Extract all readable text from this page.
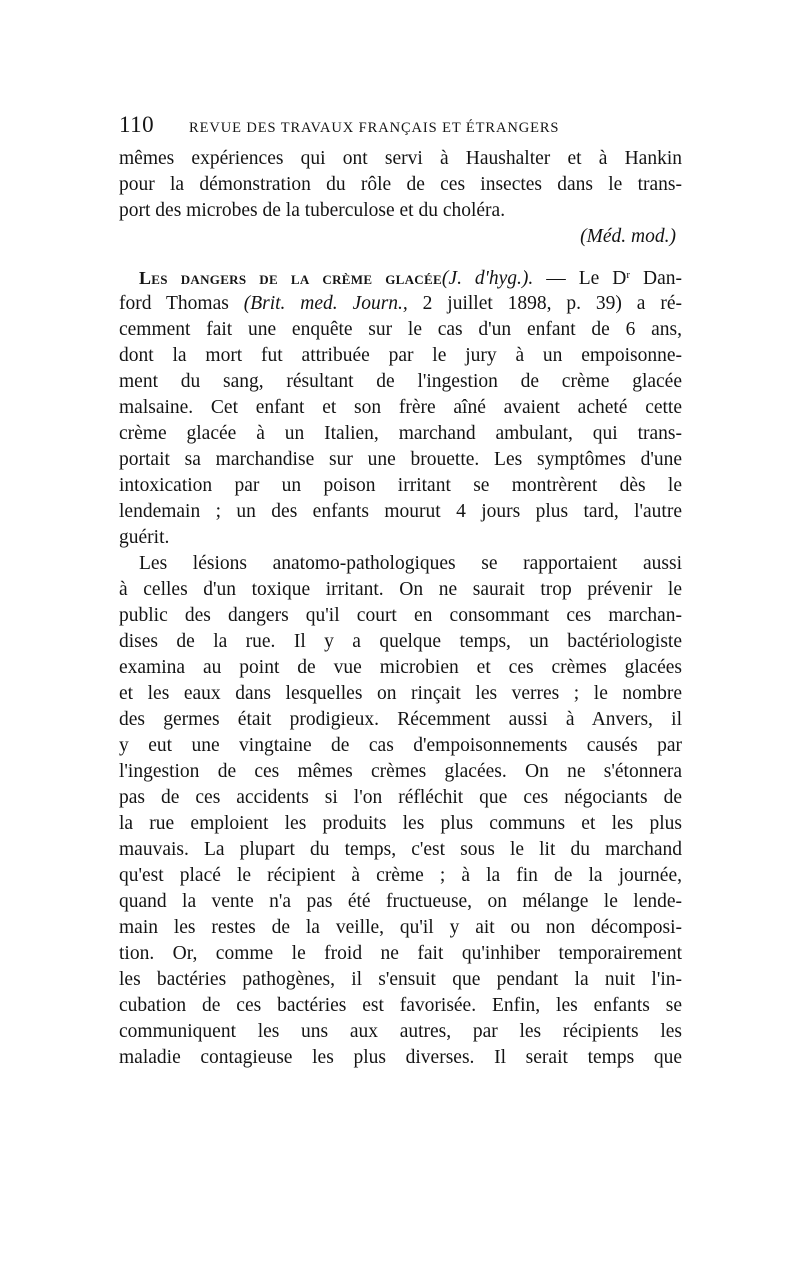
110 REVUE DES TRAVAUX FRANÇAIS ET ÉTRANGERS
mêmes expériences qui ont servi à Haushalter et à Hankin
pour la démonstration du rôle de ces insectes dans le trans-
port des microbes de la tuberculose et du choléra.
(Méd. mod.)
Les dangers de la crème glacée(J. d'hyg.). — Le $D^r$ Dan-
ford Thomas (Brit. med. Journ., 2 juillet 1898, p. 39) a ré-
cemment fait une enquête sur le cas d'un enfant de 6 ans,
dont la mort fut attribuée par le jury à un empoisonne-
ment du sang, résultant de l'ingestion de crème glacée
malsaine. Cet enfant et son frère aîné avaient acheté cette
crème glacée à un Italien, marchand ambulant, qui trans-
portait sa marchandise sur une brouette. Les symptômes d'une
intoxication par un poison irritant se montrèrent dès le
lendemain ; un des enfants mourut 4 jours plus tard, l'autre
guérit.
Les lésions anatomo-pathologiques se rapportaient aussi
à celles d'un toxique irritant. On ne saurait trop prévenir le
public des dangers qu'il court en consommant ces marchan-
dises de la rue. Il y a quelque temps, un bactériologiste
examina au point de vue microbien et ces crèmes glacées
et les eaux dans lesquelles on rinçait les verres ; le nombre
des germes était prodigieux. Récemment aussi à Anvers, il
y eut une vingtaine de cas d'empoisonnements causés par
l'ingestion de ces mêmes crèmes glacées. On ne s'étonnera
pas de ces accidents si l'on réfléchit que ces négociants de
la rue emploient les produits les plus communs et les plus
mauvais. La plupart du temps, c'est sous le lit du marchand
qu'est placé le récipient à crème ; à la fin de la journée,
quand la vente n'a pas été fructueuse, on mélange le lende-
main les restes de la veille, qu'il y ait ou non décomposi-
tion. Or, comme le froid ne fait qu'inhiber temporairement
les bactéries pathogènes, il s'ensuit que pendant la nuit l'in-
cubation de ces bactéries est favorisée. Enfin, les enfants se
communiquent les uns aux autres, par les récipients les
maladie contagieuse les plus diverses. Il serait temps que
